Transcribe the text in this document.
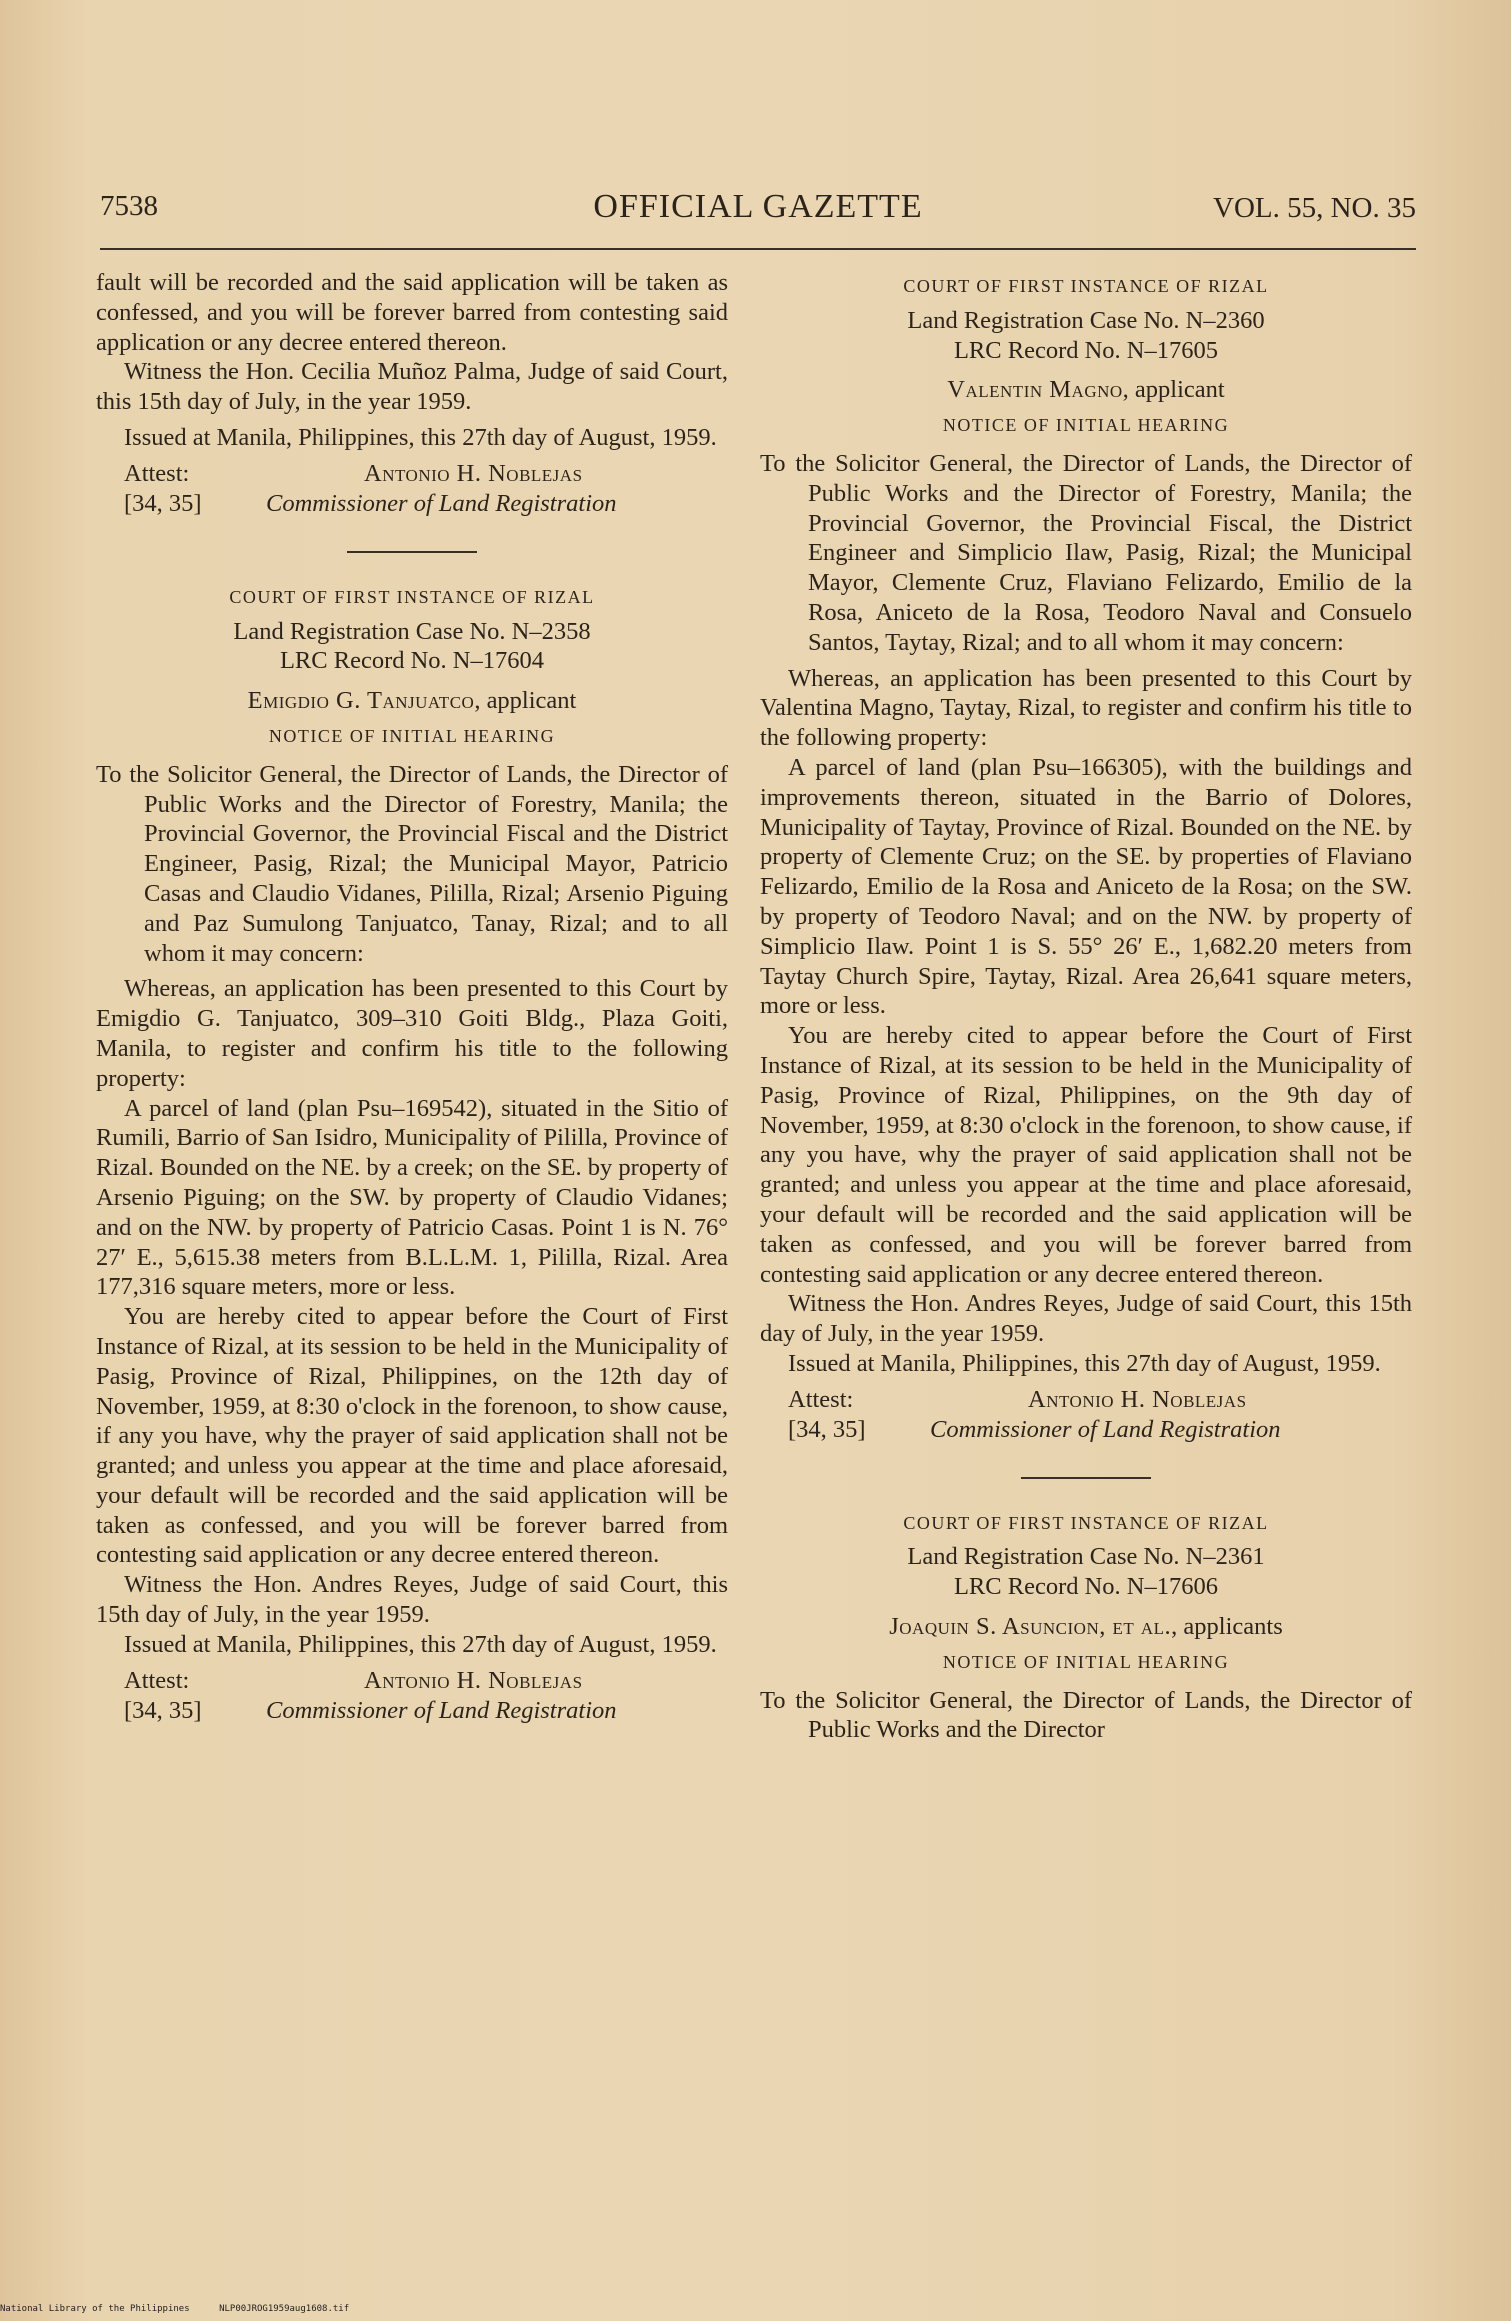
7538	OFFICIAL GAZETTE	VOL. 55, NO. 35

fault will be recorded and the said application will be taken as confessed, and you will be forever barred from contesting said application or any decree entered thereon.

Witness the Hon. Cecilia Muñoz Palma, Judge of said Court, this 15th day of July, in the year 1959.

Issued at Manila, Philippines, this 27th day of August, 1959.

Attest:	Antonio H. Noblejas
[34, 35]	Commissioner of Land Registration
COURT OF FIRST INSTANCE OF RIZAL
Land Registration Case No. N–2358
LRC Record No. N–17604
Emigdio G. Tanjuatco, applicant
NOTICE OF INITIAL HEARING

To the Solicitor General, the Director of Lands, the Director of Public Works and the Director of Forestry, Manila; the Provincial Governor, the Provincial Fiscal and the District Engineer, Pasig, Rizal; the Municipal Mayor, Patricio Casas and Claudio Vidanes, Pililla, Rizal; Arsenio Piguing and Paz Sumulong Tanjuatco, Tanay, Rizal; and to all whom it may concern:

Whereas, an application has been presented to this Court by Emigdio G. Tanjuatco, 309–310 Goiti Bldg., Plaza Goiti, Manila, to register and confirm his title to the following property:

A parcel of land (plan Psu–169542), situated in the Sitio of Rumili, Barrio of San Isidro, Municipality of Pililla, Province of Rizal. Bounded on the NE. by a creek; on the SE. by property of Arsenio Piguing; on the SW. by property of Claudio Vidanes; and on the NW. by property of Patricio Casas. Point 1 is N. 76° 27′ E., 5,615.38 meters from B.L.L.M. 1, Pililla, Rizal. Area 177,316 square meters, more or less.

You are hereby cited to appear before the Court of First Instance of Rizal, at its session to be held in the Municipality of Pasig, Province of Rizal, Philippines, on the 12th day of November, 1959, at 8:30 o'clock in the forenoon, to show cause, if any you have, why the prayer of said application shall not be granted; and unless you appear at the time and place aforesaid, your default will be recorded and the said application will be taken as confessed, and you will be forever barred from contesting said application or any decree entered thereon.

Witness the Hon. Andres Reyes, Judge of said Court, this 15th day of July, in the year 1959.

Issued at Manila, Philippines, this 27th day of August, 1959.

Attest:	Antonio H. Noblejas
[34, 35]	Commissioner of Land Registration
COURT OF FIRST INSTANCE OF RIZAL
Land Registration Case No. N–2360
LRC Record No. N–17605
Valentin Magno, applicant
NOTICE OF INITIAL HEARING

To the Solicitor General, the Director of Lands, the Director of Public Works and the Director of Forestry, Manila; the Provincial Governor, the Provincial Fiscal, the District Engineer and Simplicio Ilaw, Pasig, Rizal; the Municipal Mayor, Clemente Cruz, Flaviano Felizardo, Emilio de la Rosa, Aniceto de la Rosa, Teodoro Naval and Consuelo Santos, Taytay, Rizal; and to all whom it may concern:

Whereas, an application has been presented to this Court by Valentina Magno, Taytay, Rizal, to register and confirm his title to the following property:

A parcel of land (plan Psu–166305), with the buildings and improvements thereon, situated in the Barrio of Dolores, Municipality of Taytay, Province of Rizal. Bounded on the NE. by property of Clemente Cruz; on the SE. by properties of Flaviano Felizardo, Emilio de la Rosa and Aniceto de la Rosa; on the SW. by property of Teodoro Naval; and on the NW. by property of Simplicio Ilaw. Point 1 is S. 55° 26′ E., 1,682.20 meters from Taytay Church Spire, Taytay, Rizal. Area 26,641 square meters, more or less.

You are hereby cited to appear before the Court of First Instance of Rizal, at its session to be held in the Municipality of Pasig, Province of Rizal, Philippines, on the 9th day of November, 1959, at 8:30 o'clock in the forenoon, to show cause, if any you have, why the prayer of said application shall not be granted; and unless you appear at the time and place aforesaid, your default will be recorded and the said application will be taken as confessed, and you will be forever barred from contesting said application or any decree entered thereon.

Witness the Hon. Andres Reyes, Judge of said Court, this 15th day of July, in the year 1959.

Issued at Manila, Philippines, this 27th day of August, 1959.

Attest:	Antonio H. Noblejas
[34, 35]	Commissioner of Land Registration
COURT OF FIRST INSTANCE OF RIZAL
Land Registration Case No. N–2361
LRC Record No. N–17606
Joaquin S. Asuncion, et al., applicants
NOTICE OF INITIAL HEARING

To the Solicitor General, the Director of Lands, the Director of Public Works and the Director

National Library of the Philippines	NLP00JROG1959aug1608.tif
